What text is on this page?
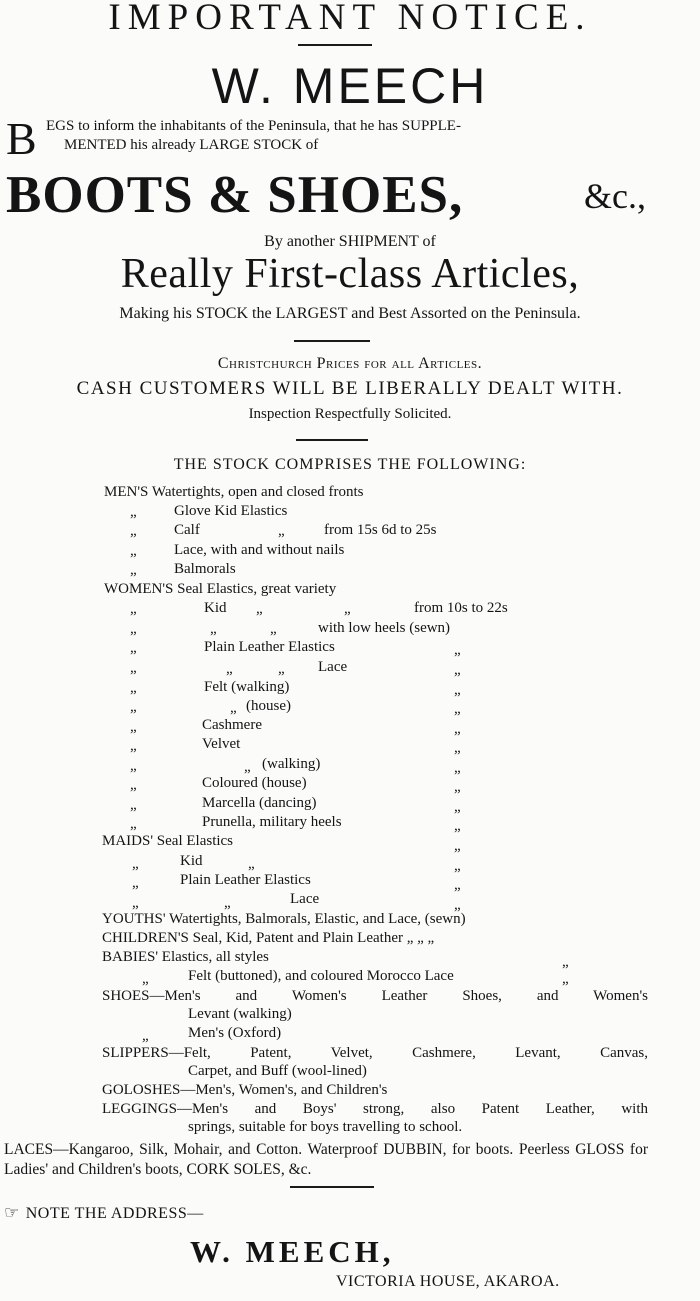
IMPORTANT NOTICE.
W. MEECH
B EGS to inform the inhabitants of the Peninsula, that he has SUPPLE-
MENTED his already LARGE STOCK of
BOOTS & SHOES,	&c.,
By another SHIPMENT of
Really First-class Articles,
Making his STOCK the LARGEST and Best Assorted on the Peninsula.
Christchurch Prices for all Articles.
CASH CUSTOMERS WILL BE LIBERALLY DEALT WITH.
Inspection Respectfully Solicited.
THE STOCK COMPRISES THE FOLLOWING:
MEN'S Watertights, open and closed fronts
„ Glove Kid Elastics
„ Calf	„	from 15s 6d to 25s
„ Lace, with and without nails
„ Balmorals
WOMEN'S Seal Elastics, great variety
„	Kid „	„	from 10s to 22s
„	„	„	with low heels (sewn)
„	Plain Leather Elastics	„
„	„	„ Lace	„
„	Felt (walking)	„
„	„ (house)	„
„	Cashmere	„
„	Velvet	„
„	„ (walking)	„
„	Coloured (house)	„
„	Marcella (dancing)	„
„	Prunella, military heels	„
MAIDS' Seal Elastics	„
„	Kid	„	„
„	Plain Leather Elastics	„
„	„	Lace	„
YOUTHS' Watertights, Balmorals, Elastic, and Lace, (sewn)
CHILDREN'S Seal, Kid, Patent and Plain Leather „ „ „
BABIES' Elastics, all styles	„
„	Felt (buttoned), and coloured Morocco Lace	„
SHOES—Men's and Women's Leather Shoes, and Women's
Levant (walking)
„	Men's (Oxford)
SLIPPERS—Felt, Patent, Velvet, Cashmere, Levant, Canvas,
Carpet, and Buff (wool-lined)
GOLOSHES—Men's, Women's, and Children's
LEGGINGS—Men's and Boys' strong, also Patent Leather, with
springs, suitable for boys travelling to school.
LACES—Kangaroo, Silk, Mohair, and Cotton. Waterproof DUBBIN, for boots. Peerless GLOSS for Ladies' and Children's boots, CORK SOLES, &c.
☞ NOTE THE ADDRESS—
W. MEECH,
VICTORIA HOUSE, AKAROA.
